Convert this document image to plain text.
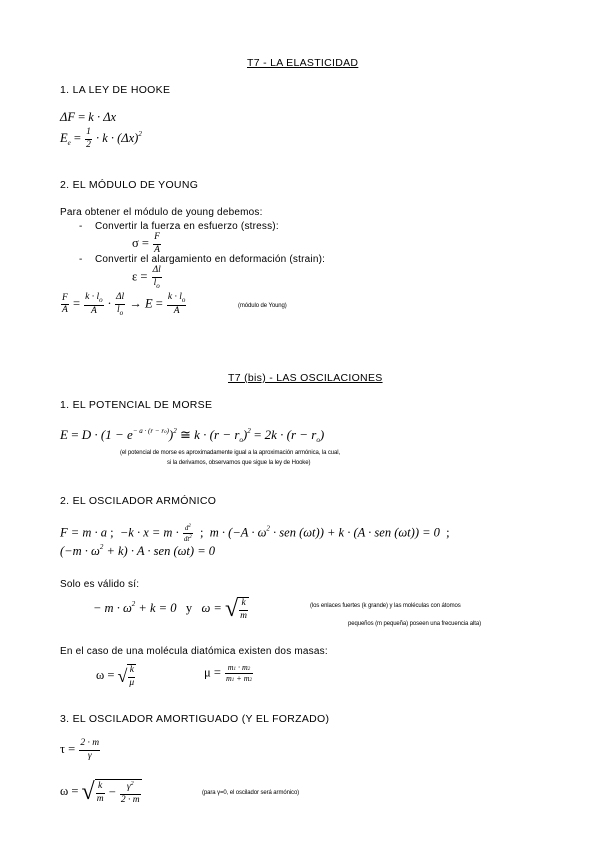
T7 - LA ELASTICIDAD
1. LA LEY DE HOOKE
ΔF = k · Δx
$E_e = \frac{1}{2} \cdot k \cdot (\Delta x)^2$
2. EL MÓDULO DE YOUNG
Para obtener el módulo de young debemos:
- Convertir la fuerza en esfuerzo (stress):
$\sigma = \frac{F}{A}$
- Convertir el alargamiento en deformación (strain):
$\varepsilon = \frac{\Delta l}{l_o}$
$\frac{F}{A} = \frac{k \cdot l_o}{A} \cdot \frac{\Delta l}{l_o} \to E = \frac{k \cdot l_o}{A}$	(módulo de Young)
T7 (bis) - LAS OSCILACIONES
1. EL POTENCIAL DE MORSE
$E = D \cdot (1 - e^{- a \cdot (r - ro)})^2$ ≅ $k \cdot (r - r_o)^2 = 2k \cdot (r - r_o)$
(el potencial de morse es aproximadamente igual a la aproximación armónica, la cual,
si la derivamos, observamos que sigue la ley de Hooke)
2. EL OSCILADOR ARMÓNICO
F = m · a ; $-k \cdot x = m \cdot \frac{d^2}{dt^2}$ ; $m \cdot (-A \cdot \omega^2$ · sen (ωt)) + k · (A · sen (ωt)) = 0 ;
$(-m \cdot \omega^2 + k) \cdot A$ · sen (ωt) = 0
Solo es válido sí:
− $m \cdot \omega^2 + k = 0$ y ω = √ $\frac{k}{m}$	(los enlaces fuertes (k grande) y las moléculas con átomos
pequeños (m pequeña) poseen una frecuencia alta)
En el caso de una molécula diatómica existen dos masas:
ω = √ $\frac{k}{\mu}$	$\mu = \frac{m1 \cdot m2}{m1 + m2}$
3. EL OSCILADOR AMORTIGUADO (Y EL FORZADO)
$\tau = \frac{2 \cdot m}{\gamma}$
ω = √ $\frac{k}{m} - \frac{\gamma^2}{2 \cdot m}$	(para γ=0, el oscilador será armónico)
